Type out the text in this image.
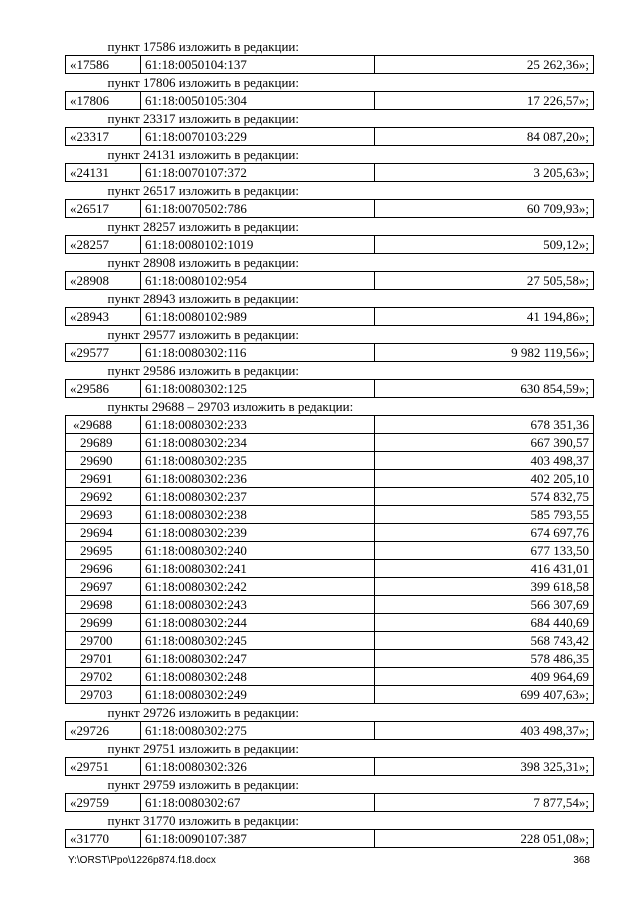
пункт 17586 изложить в редакции:		
«17586	61:18:0050104:137	25 262,36»;
пункт 17806 изложить в редакции:		
«17806	61:18:0050105:304	17 226,57»;
пункт 23317 изложить в редакции:		
«23317	61:18:0070103:229	84 087,20»;
пункт 24131 изложить в редакции:		
«24131	61:18:0070107:372	3 205,63»;
пункт 26517 изложить в редакции:		
«26517	61:18:0070502:786	60 709,93»;
пункт 28257 изложить в редакции:		
«28257	61:18:0080102:1019	509,12»;
пункт 28908 изложить в редакции:		
«28908	61:18:0080102:954	27 505,58»;
пункт 28943 изложить в редакции:		
«28943	61:18:0080102:989	41 194,86»;
пункт 29577 изложить в редакции:		
«29577	61:18:0080302:116	9 982 119,56»;
пункт 29586 изложить в редакции:		
«29586	61:18:0080302:125	630 854,59»;
пункты 29688 – 29703 изложить в редакции:		
«29688	61:18:0080302:233	678 351,36
29689	61:18:0080302:234	667 390,57
29690	61:18:0080302:235	403 498,37
29691	61:18:0080302:236	402 205,10
29692	61:18:0080302:237	574 832,75
29693	61:18:0080302:238	585 793,55
29694	61:18:0080302:239	674 697,76
29695	61:18:0080302:240	677 133,50
29696	61:18:0080302:241	416 431,01
29697	61:18:0080302:242	399 618,58
29698	61:18:0080302:243	566 307,69
29699	61:18:0080302:244	684 440,69
29700	61:18:0080302:245	568 743,42
29701	61:18:0080302:247	578 486,35
29702	61:18:0080302:248	409 964,69
29703	61:18:0080302:249	699 407,63»;
пункт 29726 изложить в редакции:		
«29726	61:18:0080302:275	403 498,37»;
пункт 29751 изложить в редакции:		
«29751	61:18:0080302:326	398 325,31»;
пункт 29759 изложить в редакции:		
«29759	61:18:0080302:67	7 877,54»;
пункт 31770 изложить в редакции:		
«31770	61:18:0090107:387	228 051,08»;
Y:\ORST\Ppo\1226p874.f18.docx	368
